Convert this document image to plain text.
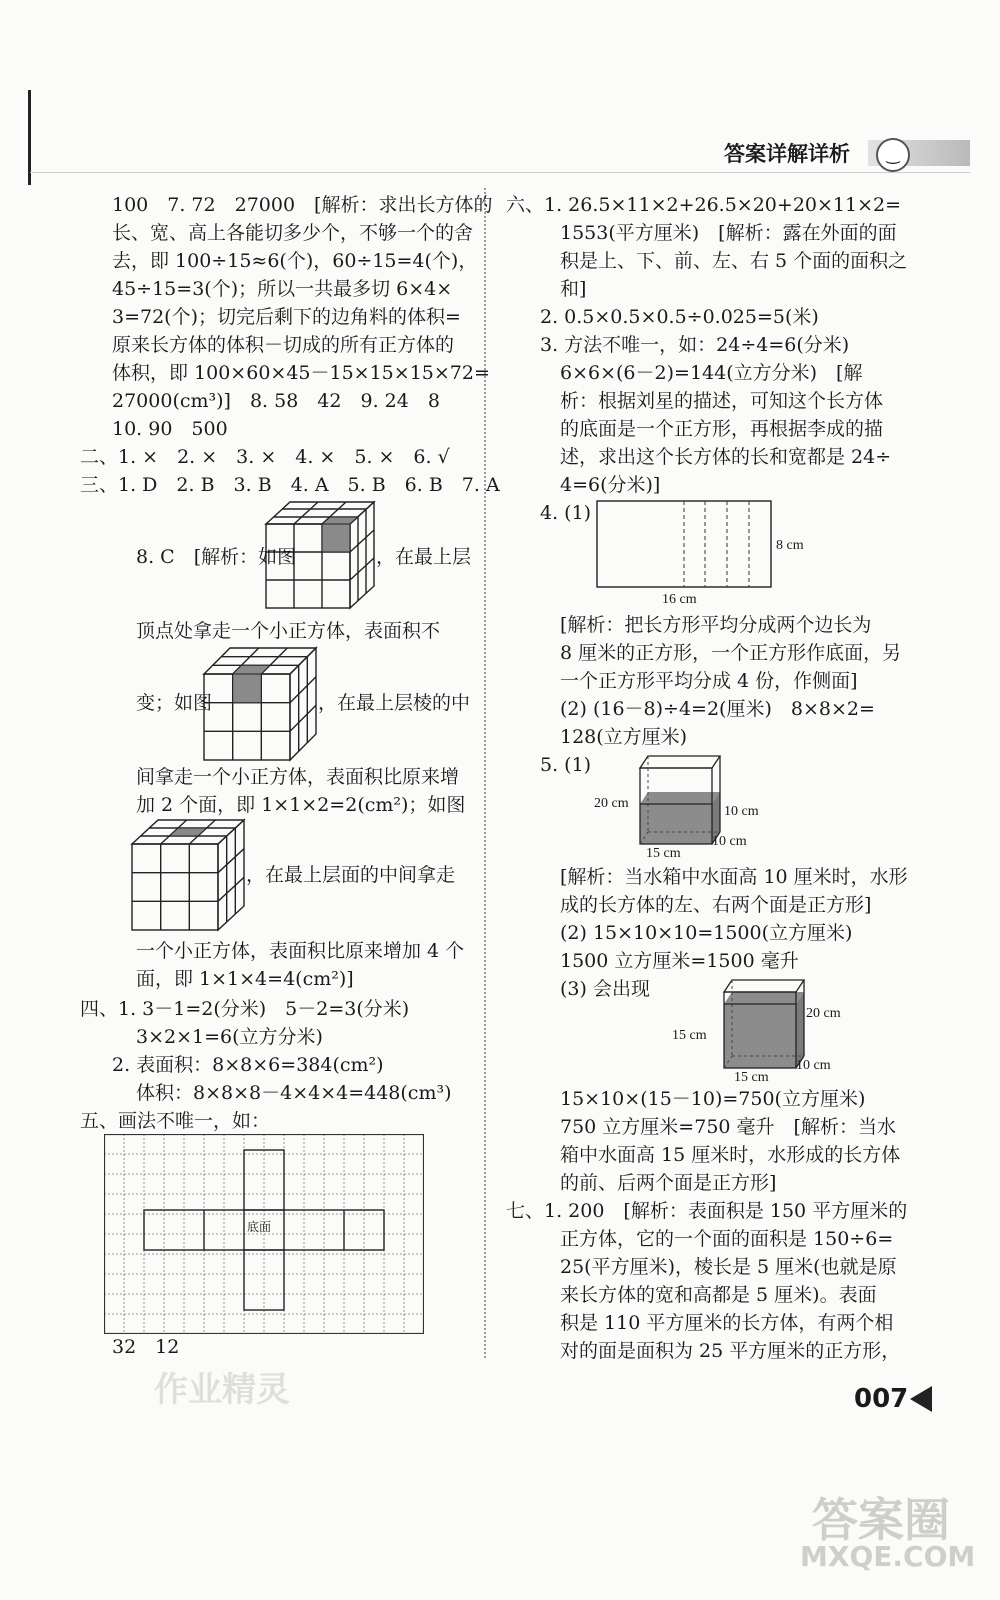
答案详解详析	‿
100　7. 72　27000　[解析：求出长方体的
长、宽、高上各能切多少个，不够一个的舍
去，即 100÷15≈6(个)，60÷15=4(个)，
45÷15=3(个)；所以一共最多切 6×4×
3=72(个)；切完后剩下的边角料的体积=
原来长方体的体积－切成的所有正方体的
体积，即 100×60×45－15×15×15×72=
27000(cm³)]　8. 58　42　9. 24　8
10. 90　500
二、1. ×　2. ×　3. ×　4. ×　5. ×　6. √
三、1. D　2. B　3. B　4. A　5. B　6. B　7. A
8. C　[解析：如图	，在最上层
顶点处拿走一个小正方体，表面积不
变；如图	，在最上层棱的中
间拿走一个小正方体，表面积比原来增
加 2 个面，即 1×1×2=2(cm²)；如图
，在最上层面的中间拿走
一个小正方体，表面积比原来增加 4 个
面，即 1×1×4=4(cm²)]
四、1. 3－1=2(分米)　5－2=3(分米)
3×2×1=6(立方分米)
2. 表面积：8×8×6=384(cm²)
体积：8×8×8－4×4×4=448(cm³)
五、画法不唯一，如：
底面
32　12
六、1. 26.5×11×2+26.5×20+20×11×2=
1553(平方厘米)　[解析：露在外面的面
积是上、下、前、左、右 5 个面的面积之
和]
2. 0.5×0.5×0.5÷0.025=5(米)
3. 方法不唯一，如：24÷4=6(分米)
6×6×(6－2)=144(立方分米)　[解
析：根据刘星的描述，可知这个长方体
的底面是一个正方形，再根据李成的描
述，求出这个长方体的长和宽都是 24÷
4=6(分米)]
4. (1)
8 cm
16 cm
[解析：把长方形平均分成两个边长为
8 厘米的正方形，一个正方形作底面，另
一个正方形平均分成 4 份，作侧面]
(2) (16－8)÷4=2(厘米)　8×8×2=
128(立方厘米)
5. (1)
20 cm
10 cm
10 cm
15 cm
[解析：当水箱中水面高 10 厘米时，水形
成的长方体的左、右两个面是正方形]
(2) 15×10×10=1500(立方厘米)
1500 立方厘米=1500 毫升
(3) 会出现
20 cm
15 cm
10 cm
15 cm
15×10×(15－10)=750(立方厘米)
750 立方厘米=750 毫升　[解析：当水
箱中水面高 15 厘米时，水形成的长方体
的前、后两个面是正方形]
七、1. 200　[解析：表面积是 150 平方厘米的
正方体，它的一个面的面积是 150÷6=
25(平方厘米)，棱长是 5 厘米(也就是原
来长方体的宽和高都是 5 厘米)。表面
积是 110 平方厘米的长方体，有两个相
对的面是面积为 25 平方厘米的正方形，
007
作业精灵
答案圈
MXQE.COM
